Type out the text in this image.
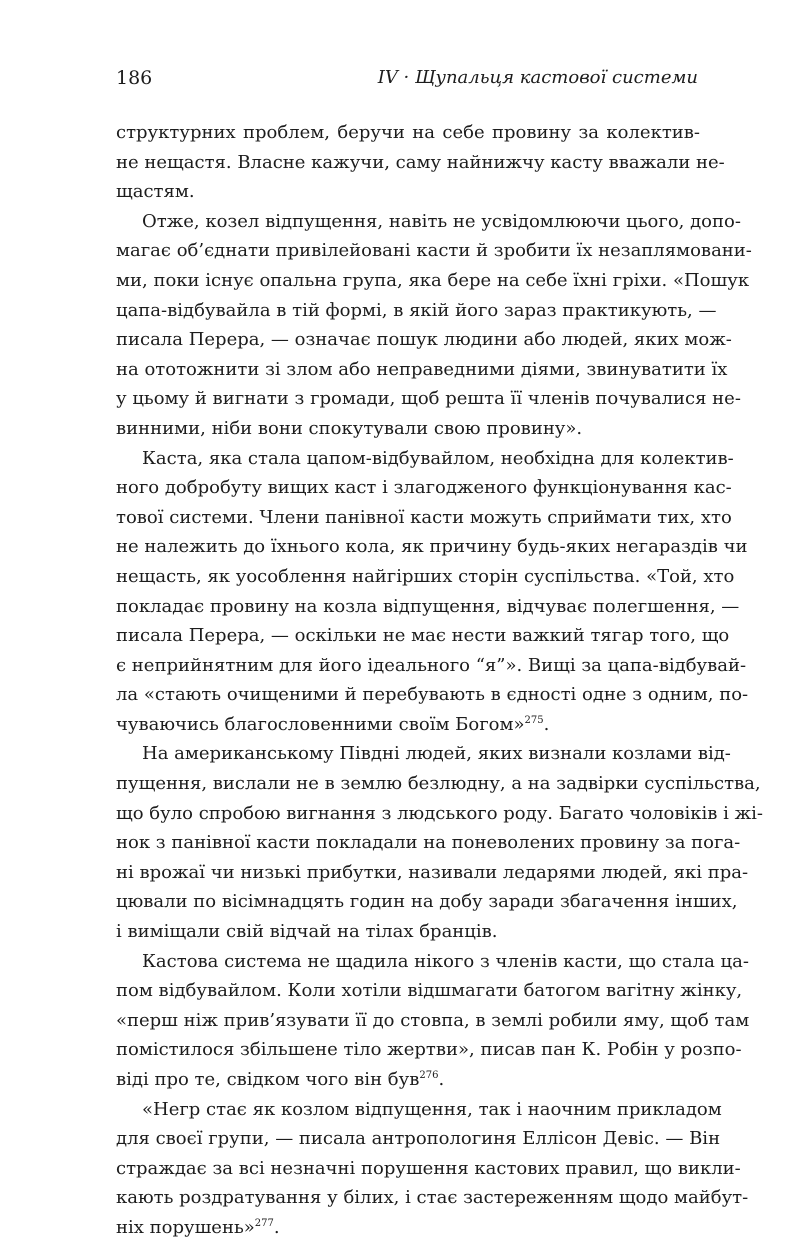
186	IV · Щупальця кастової системи
структурних проблем, беручи на себе провину за колектив-
не нещастя. Власне кажучи, саму найнижчу касту вважали не-
щастям.
Отже, козел відпущення, навіть не усвідомлюючи цього, допо-
магає об’єднати привілейовані касти й зробити їх незаплямовани-
ми, поки існує опальна група, яка бере на себе їхні гріхи. «Пошук
цапа-відбувайла в тій формі, в якій його зараз практикують, —
писала Перера, — означає пошук людини або людей, яких мож-
на ототожнити зі злом або неправедними діями, звинуватити їх
у цьому й вигнати з громади, щоб решта її членів почувалися не-
винними, ніби вони спокутували свою провину».
Каста, яка стала цапом-відбувайлом, необхідна для колектив-
ного добробуту вищих каст і злагодженого функціонування кас-
тової системи. Члени панівної касти можуть сприймати тих, хто
не належить до їхнього кола, як причину будь-яких негараздів чи
нещасть, як уособлення найгірших сторін суспільства. «Той, хто
покладає провину на козла відпущення, відчуває полегшення, —
писала Перера, — оскільки не має нести важкий тягар того, що
є неприйнятним для його ідеального “я”». Вищі за цапа-відбувай-
ла «стають очищеними й перебувають в єдності одне з одним, по-
чуваючись благословенними своїм Богом»$^{275}$.
На американському Півдні людей, яких визнали козлами від-
пущення, вислали не в землю безлюдну, а на задвірки суспільства,
що було спробою вигнання з людського роду. Багато чоловіків і жі-
нок з панівної касти покладали на поневолених провину за пога-
ні врожаї чи низькі прибутки, називали ледарями людей, які пра-
цювали по вісімнадцять годин на добу заради збагачення інших,
і виміщали свій відчай на тілах бранців.
Кастова система не щадила нікого з членів касти, що стала ца-
пом відбувайлом. Коли хотіли відшмагати батогом вагітну жінку,
«перш ніж прив’язувати її до стовпа, в землі робили яму, щоб там
помістилося збільшене тіло жертви», писав пан К. Робін у розпо-
віді про те, свідком чого він був$^{276}$.
«Негр стає як козлом відпущення, так і наочним прикладом
для своєї групи, — писала антропологиня Еллісон Девіс. — Він
страждає за всі незначні порушення кастових правил, що викли-
кають роздратування у білих, і стає застереженням щодо майбут-
ніх порушень»$^{277}$.
